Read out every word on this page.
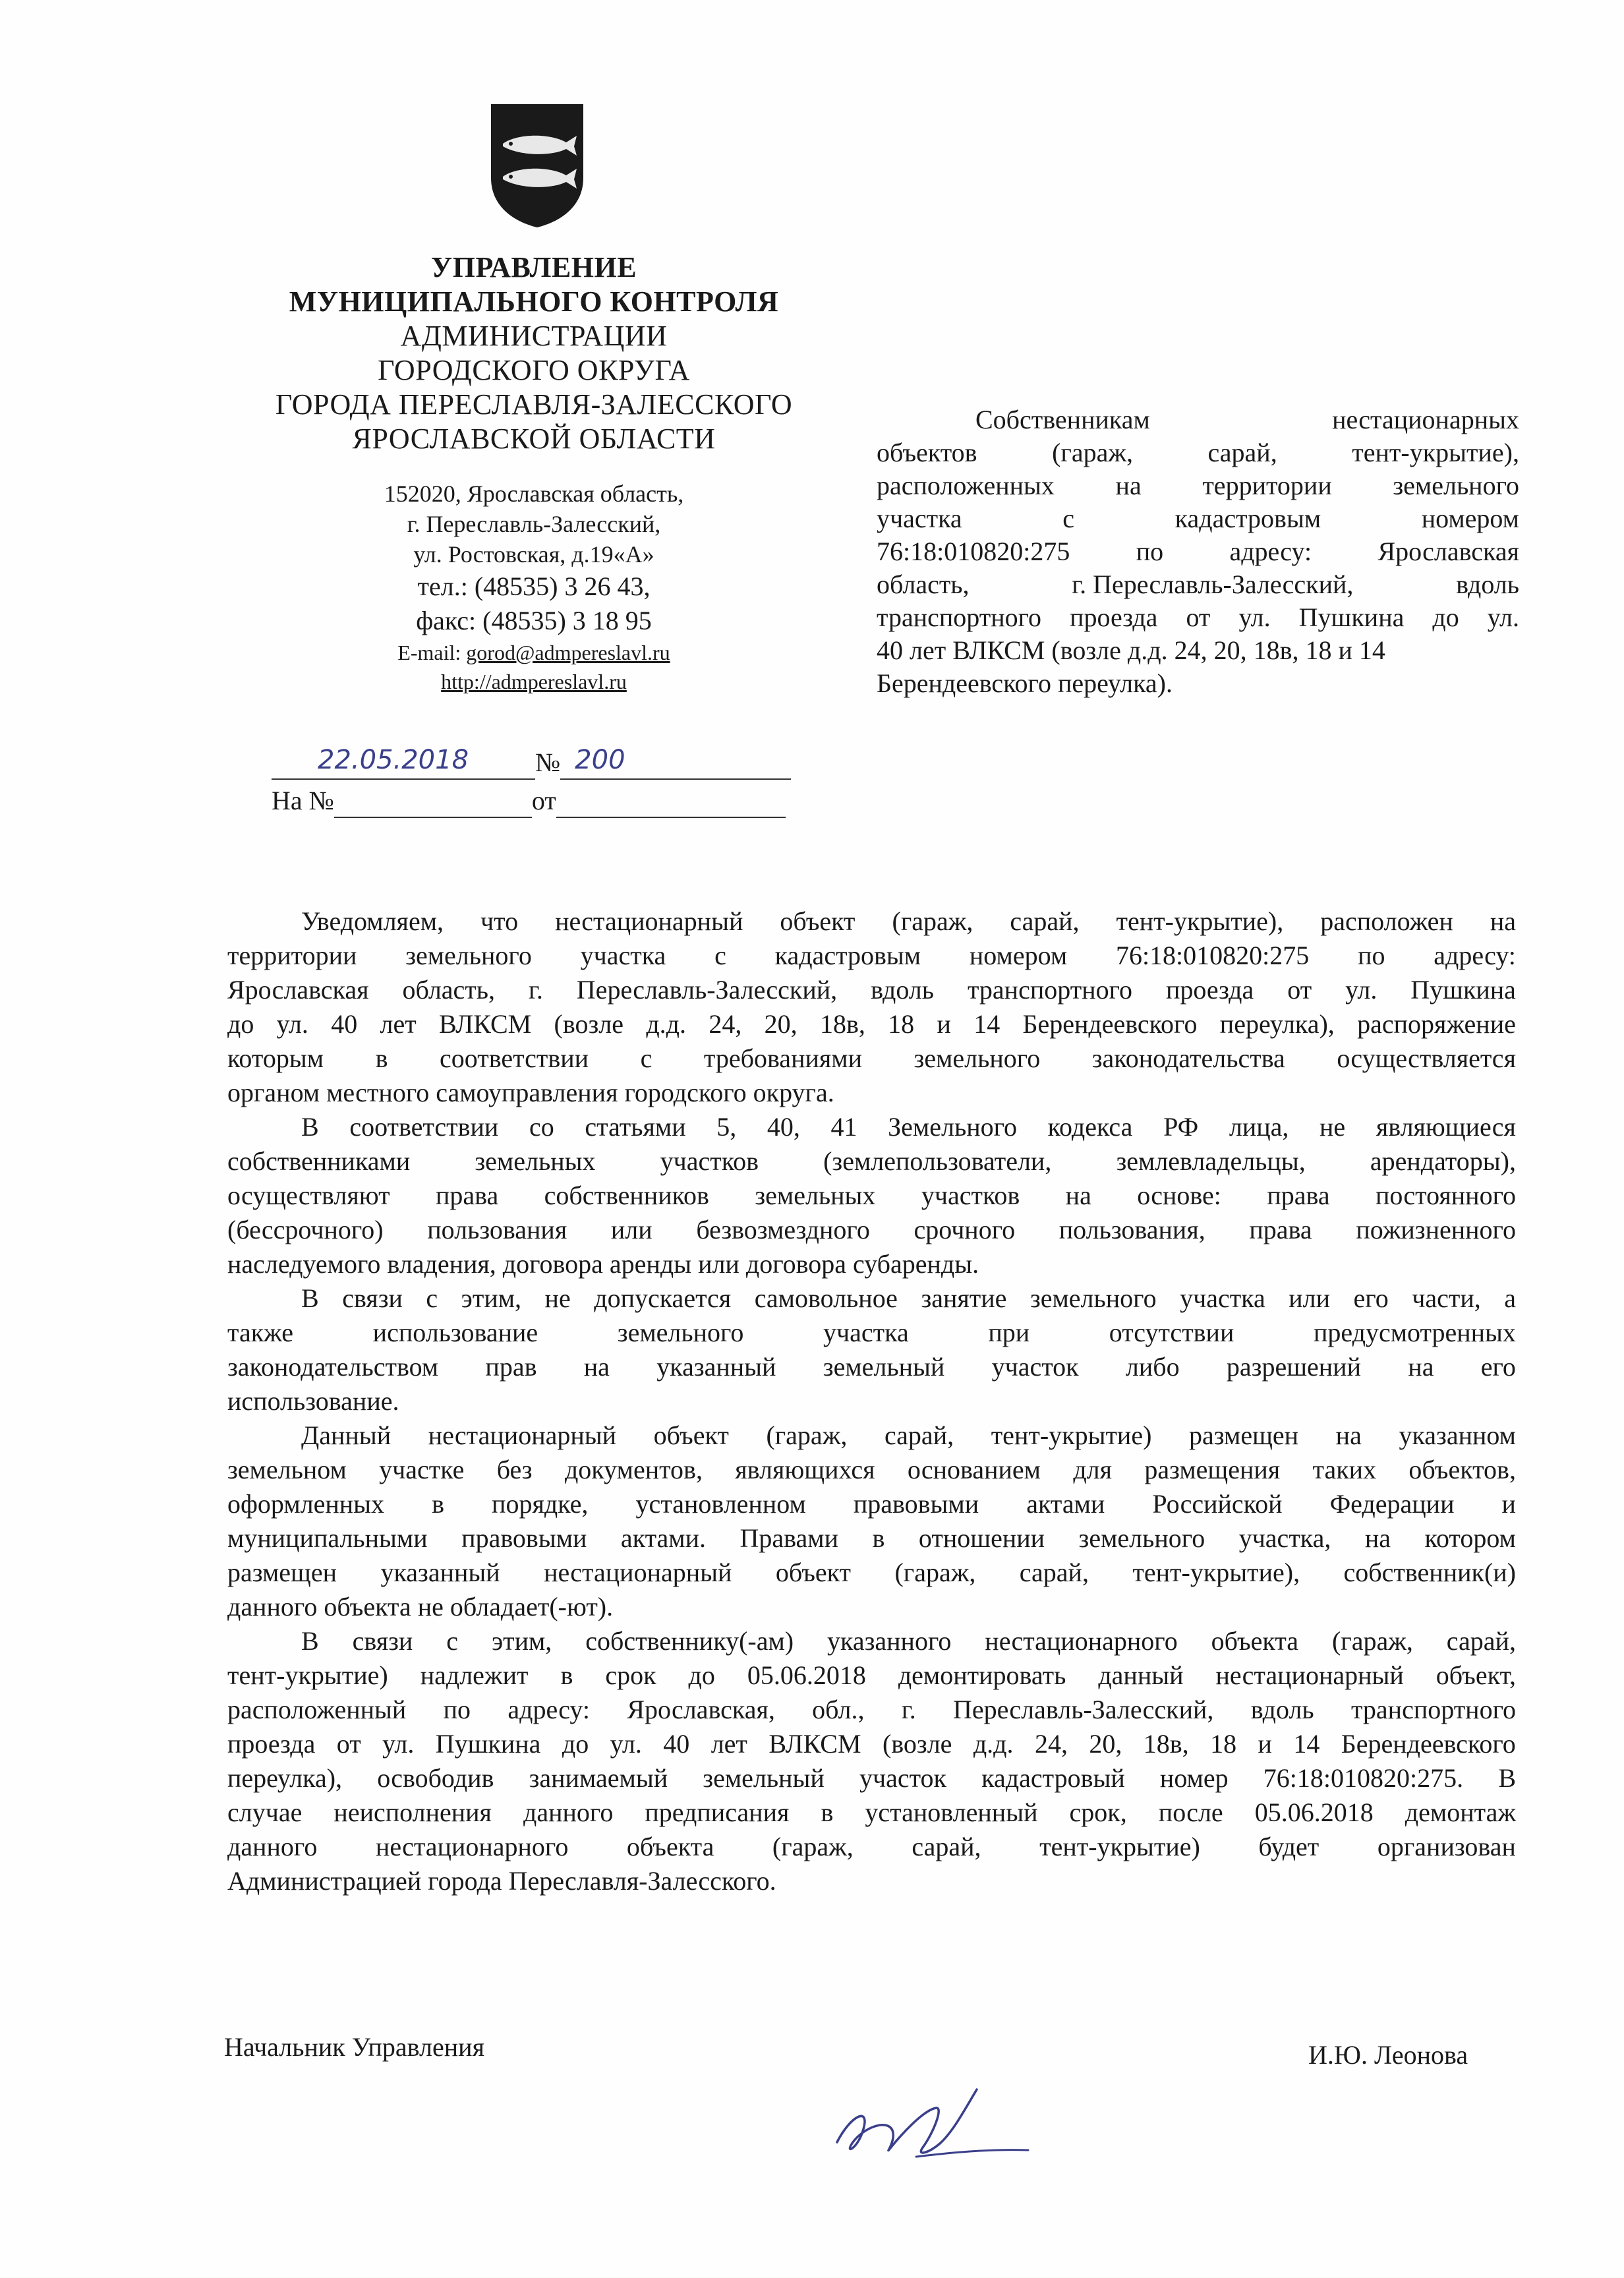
УПРАВЛЕНИЕ
МУНИЦИПАЛЬНОГО КОНТРОЛЯ
АДМИНИСТРАЦИИ
ГОРОДСКОГО ОКРУГА
ГОРОДА ПЕРЕСЛАВЛЯ-ЗАЛЕССКОГО
ЯРОСЛАВСКОЙ ОБЛАСТИ
152020, Ярославская область,
г. Переславль-Залесский,
ул. Ростовская, д.19«А»
тел.: (48535) 3 26 43,
факс: (48535) 3 18 95
E-mail: gorod@admpereslavl.ru
http://admpereslavl.ru
22.05.2018	№ 200
На №	от
Собственникам	нестационарных
объектов	(гараж,	сарай,	тент-укрытие),
расположенных на территории земельного
участка	с	кадастровым	номером
76:18:010820:275	по	адресу:	Ярославская
область,	г. Переславль-Залесский,	вдоль
транспортного проезда от ул. Пушкина до ул.
40 лет ВЛКСМ (возле д.д. 24, 20, 18в, 18 и 14
Берендеевского переулка).
Уведомляем, что нестационарный объект (гараж, сарай, тент-укрытие), расположен на
территории земельного участка с кадастровым номером 76:18:010820:275 по адресу:
Ярославская область, г. Переславль-Залесский, вдоль транспортного проезда от ул. Пушкина
до ул. 40 лет ВЛКСМ (возле д.д. 24, 20, 18в, 18 и 14 Берендеевского переулка), распоряжение
которым в соответствии с требованиями земельного законодательства осуществляется
органом местного самоуправления городского округа.
В соответствии со статьями 5, 40, 41 Земельного кодекса РФ лица, не являющиеся
собственниками земельных участков (землепользователи, землевладельцы, арендаторы),
осуществляют права собственников земельных участков на основе: права постоянного
(бессрочного) пользования или безвозмездного срочного пользования, права пожизненного
наследуемого владения, договора аренды или договора субаренды.
В связи с этим, не допускается самовольное занятие земельного участка или его части, а
также	использование	земельного	участка	при	отсутствии	предусмотренных
законодательством прав на указанный земельный участок либо разрешений на его
использование.
Данный нестационарный объект (гараж, сарай, тент-укрытие) размещен на указанном
земельном участке без документов, являющихся основанием для размещения таких объектов,
оформленных в порядке, установленном правовыми актами Российской Федерации и
муниципальными правовыми актами. Правами в отношении земельного участка, на котором
размещен указанный нестационарный объект (гараж, сарай, тент-укрытие), собственник(и)
данного объекта не обладает(-ют).
В связи с этим, собственнику(-ам) указанного нестационарного объекта (гараж, сарай,
тент-укрытие) надлежит в срок до 05.06.2018 демонтировать данный нестационарный объект,
расположенный по адресу: Ярославская, обл., г. Переславль-Залесский, вдоль транспортного
проезда от ул. Пушкина до ул. 40 лет ВЛКСМ (возле д.д. 24, 20, 18в, 18 и 14 Берендеевского
переулка), освободив занимаемый земельный участок кадастровый номер 76:18:010820:275. В
случае неисполнения данного предписания в установленный срок, после 05.06.2018 демонтаж
данного нестационарного объекта (гараж, сарай, тент-укрытие) будет организован
Администрацией города Переславля-Залесского.
Начальник Управления	И.Ю. Леонова
